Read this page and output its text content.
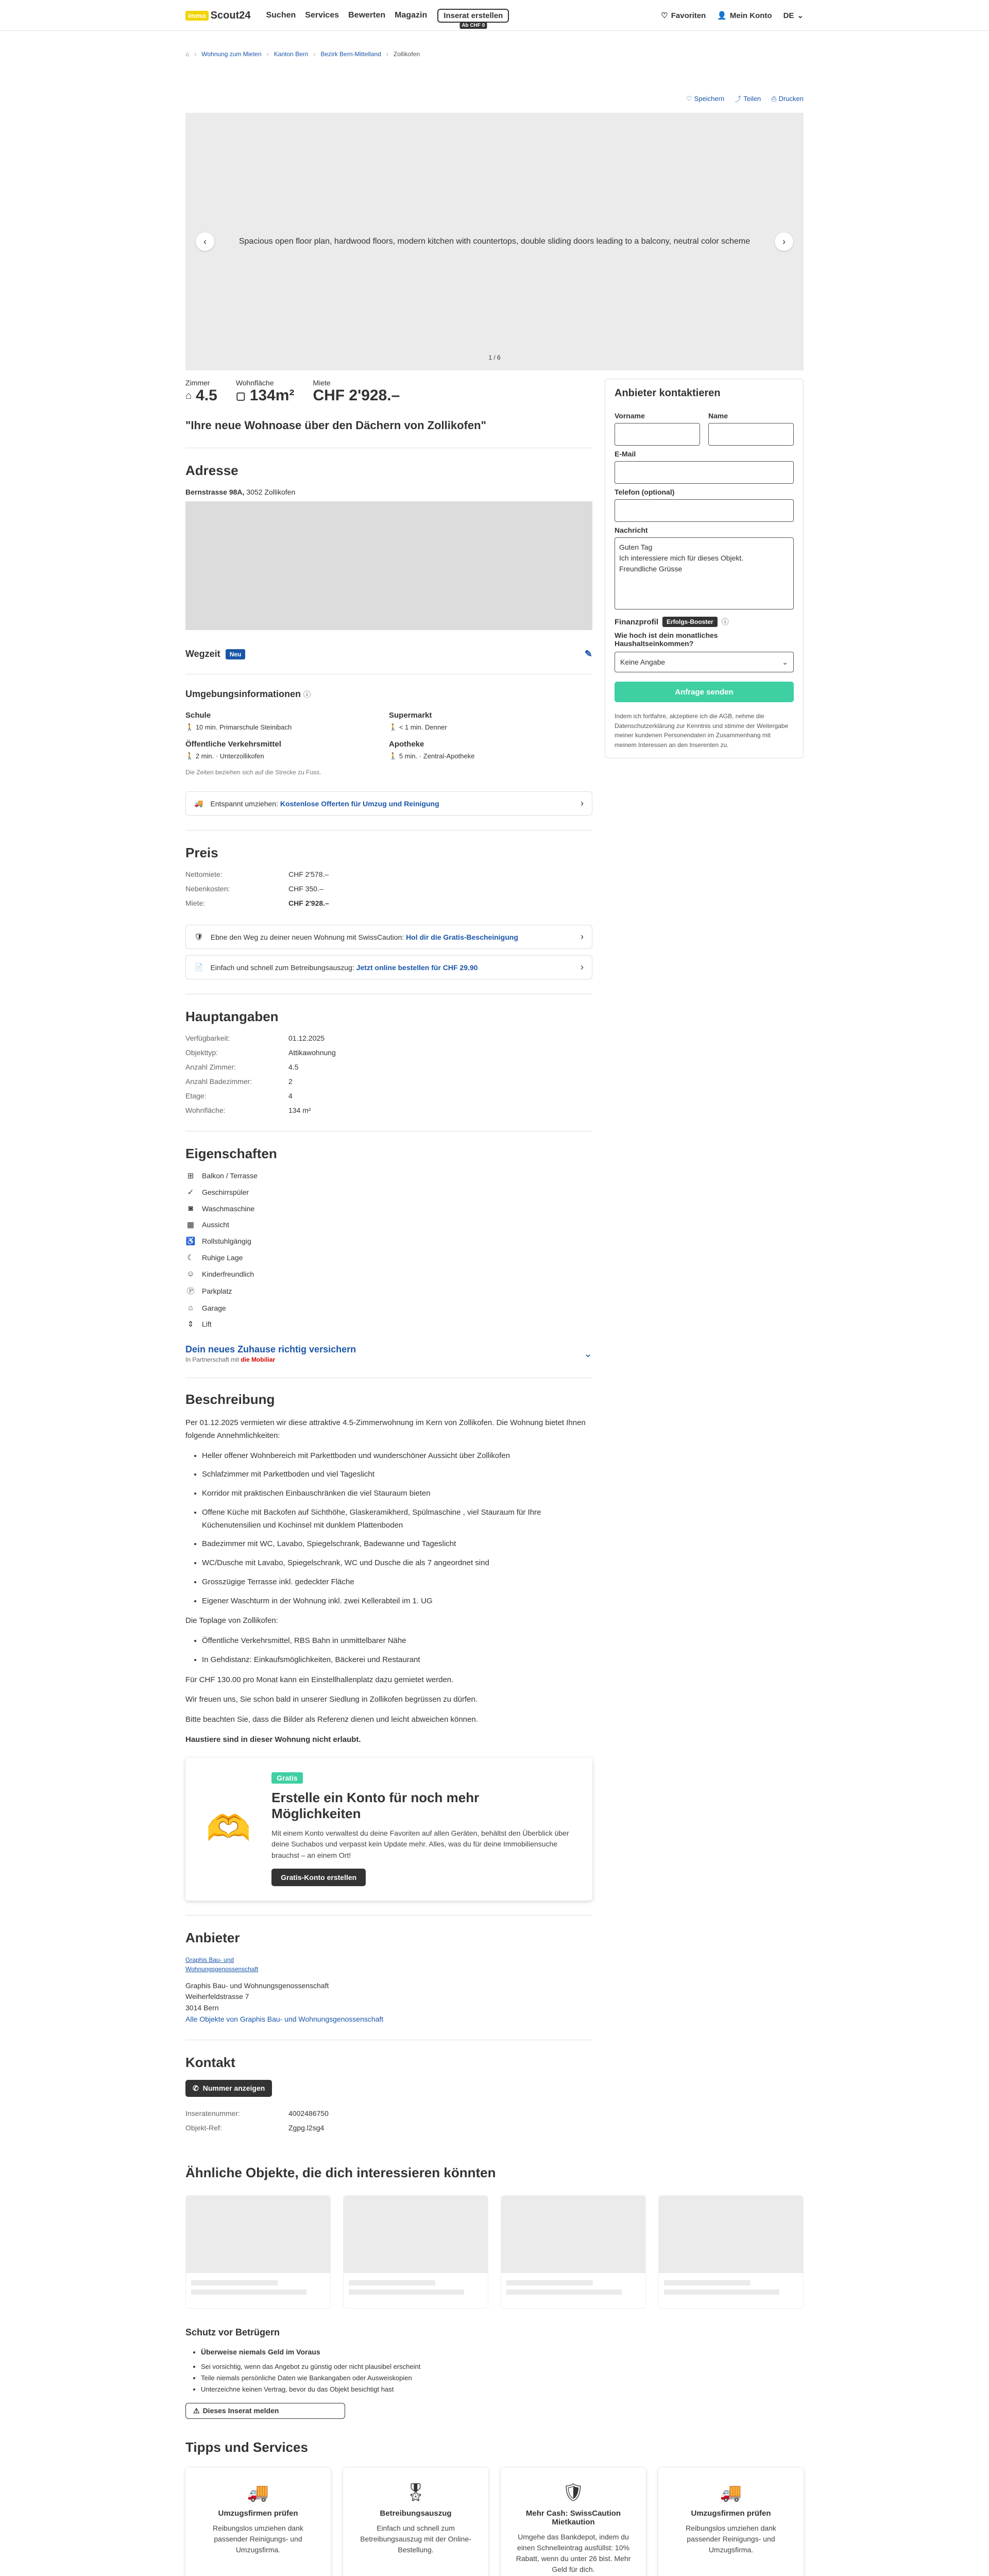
immo Scout24 Suchen Services Bewerten Magazin	Inserat erstellen
Ab CHF 0
♡ Favoriten 👤 Mein Konto DE ⌄
⌂ › Wohnung zum Mieten › Kanton Bern › Bezirk Bern-Mittelland › Zollikofen
♡ Speichern ⤴ Teilen ⎙ Drucken
‹	Spacious open floor plan, hardwood floors, modern kitchen with countertops, double sliding doors leading to a balcony, neutral color scheme	›
1 / 6
Zimmer
⌂ 4.5
Wohnfläche
▢ 134m²
Miete
CHF 2'928.–
"Ihre neue Wohnoase über den Dächern von Zollikofen"
Adresse
Bernstrasse 98A, 3052 Zollikofen
Wegzeit	Neu	✎
Umgebungsinformationen ⓘ
Schule
🚶 10 min. Primarschule Steinibach
Supermarkt
🚶 < 1 min. Denner
Öffentliche Verkehrsmittel
🚶 2 min. · Unterzollikofen
Apotheke
🚶 5 min. · Zentral-Apotheke
Die Zeiten beziehen sich auf die Strecke zu Fuss.
🚚 Entspannt umziehen: Kostenlose Offerten für Umzug und Reinigung	›
Preis
Nettomiete:	CHF 2'578.–
Nebenkosten:	CHF 350.–
Miete:	CHF 2'928.–
🛡 Ebne den Weg zu deiner neuen Wohnung mit SwissCaution: Hol dir die Gratis-Bescheinigung	›
📄 Einfach und schnell zum Betreibungsauszug: Jetzt online bestellen für CHF 29.90	›
Hauptangaben
Verfügbarkeit:	01.12.2025
Objekttyp:	Attikawohnung
Anzahl Zimmer:	4.5
Anzahl Badezimmer:	2
Etage:	4
Wohnfläche:	134 m²
Eigenschaften
⊞ Balkon / Terrasse
✓ Geschirrspüler
◙	Waschmaschine
▦ Aussicht
♿ Rollstuhlgängig
☾ Ruhige Lage
☺ Kinderfreundlich
Ⓟ Parkplatz
⌂	Garage
⇕ Lift
Dein neues Zuhause richtig versichern
In Partnerschaft mit die Mobiliar	⌄
Beschreibung

Per 01.12.2025 vermieten wir diese attraktive 4.5-Zimmerwohnung im Kern von Zollikofen. Die Wohnung bietet Ihnen folgende Annehmlichkeiten:

• Heller offener Wohnbereich mit Parkettboden und wunderschöner Aussicht über Zollikofen
• Schlafzimmer mit Parkettboden und viel Tageslicht
• Korridor mit praktischen Einbauschränken die viel Stauraum bieten
• Offene Küche mit Backofen auf Sichthöhe, Glaskeramikherd, Spülmaschine , viel Stauraum für Ihre Küchenutensilien und Kochinsel mit dunklem Plattenboden
• Badezimmer mit WC, Lavabo, Spiegelschrank, Badewanne und Tageslicht
• WC/Dusche mit Lavabo, Spiegelschrank, WC und Dusche die als 7 angeordnet sind
• Grosszügige Terrasse inkl. gedeckter Fläche
• Eigener Waschturm in der Wohnung inkl. zwei Kellerabteil im 1. UG

Die Toplage von Zollikofen:

• Öffentliche Verkehrsmittel, RBS Bahn in unmittelbarer Nähe
• In Gehdistanz: Einkaufsmöglichkeiten, Bäckerei und Restaurant

Für CHF 130.00 pro Monat kann ein Einstellhallenplatz dazu gemietet werden.

Wir freuen uns, Sie schon bald in unserer Siedlung in Zollikofen begrüssen zu dürfen.

Bitte beachten Sie, dass die Bilder als Referenz dienen und leicht abweichen können.

Haustiere sind in dieser Wohnung nicht erlaubt.

🫶
Gratis
Erstelle ein Konto für noch mehr Möglichkeiten

Mit einem Konto verwaltest du deine Favoriten auf allen Geräten, behältst den Überblick über deine Suchabos und verpasst kein Update mehr. Alles, was du für deine Immobiliensuche brauchst – an einem Ort!

Gratis-Konto erstellen
Anbieter

Graphis Bau- und Wohnungsgenossenschaft

Graphis Bau- und Wohnungsgenossenschaft

Weiherfeldstrasse 7

3014 Bern

Alle Objekte von Graphis Bau- und Wohnungsgenossenschaft

Kontakt
✆ Nummer anzeigen
Inseratenummer:	4002486750
Objekt-Ref:	Zgpg.l2sg4
Anbieter kontaktieren
Vorname	Name
E-Mail
Telefon (optional)
Nachricht
Guten Tag
Ich interessiere mich für dieses Objekt.
Freundliche Grüsse
Finanzprofil	Erfolgs-Booster	ⓘ
Wie hoch ist dein monatliches Haushaltseinkommen?
Keine Angabe	⌄
Anfrage senden
Indem ich fortfahre, akzeptiere ich die AGB, nehme die Datenschutzerklärung zur Kenntnis und stimme der Weitergabe meiner kundenen Personendaten im Zusammenhang mit meinem Interessen an den Inserenten zu.
Ähnliche Objekte, die dich interessieren könnten
Schutz vor Betrügern
• Überweise niemals Geld im Voraus
• Sei vorsichtig, wenn das Angebot zu günstig oder nicht plausibel erscheint
• Teile niemals persönliche Daten wie Bankangaben oder Ausweiskopien
• Unterzeichne keinen Vertrag, bevor du das Objekt besichtigt hast
⚠ Dieses Inserat melden
Tipps und Services
🚚
Umzugsfirmen prüfen

Reibungslos umziehen dank passender Reinigungs- und Umzugsfirma.

🎖
Betreibungsauszug

Einfach und schnell zum Betreibungsauszug mit der Online-Bestellung.

🛡
Mehr Cash: SwissCaution Mietkaution

Umgehe das Bankdepot, indem du einen Schnelleintrag ausfüllst: 10% Rabatt, wenn du unter 26 bist. Mehr Geld für dich.

🚚
Umzugsfirmen prüfen

Reibungslos umziehen dank passender Reinigungs- und Umzugsfirma.
